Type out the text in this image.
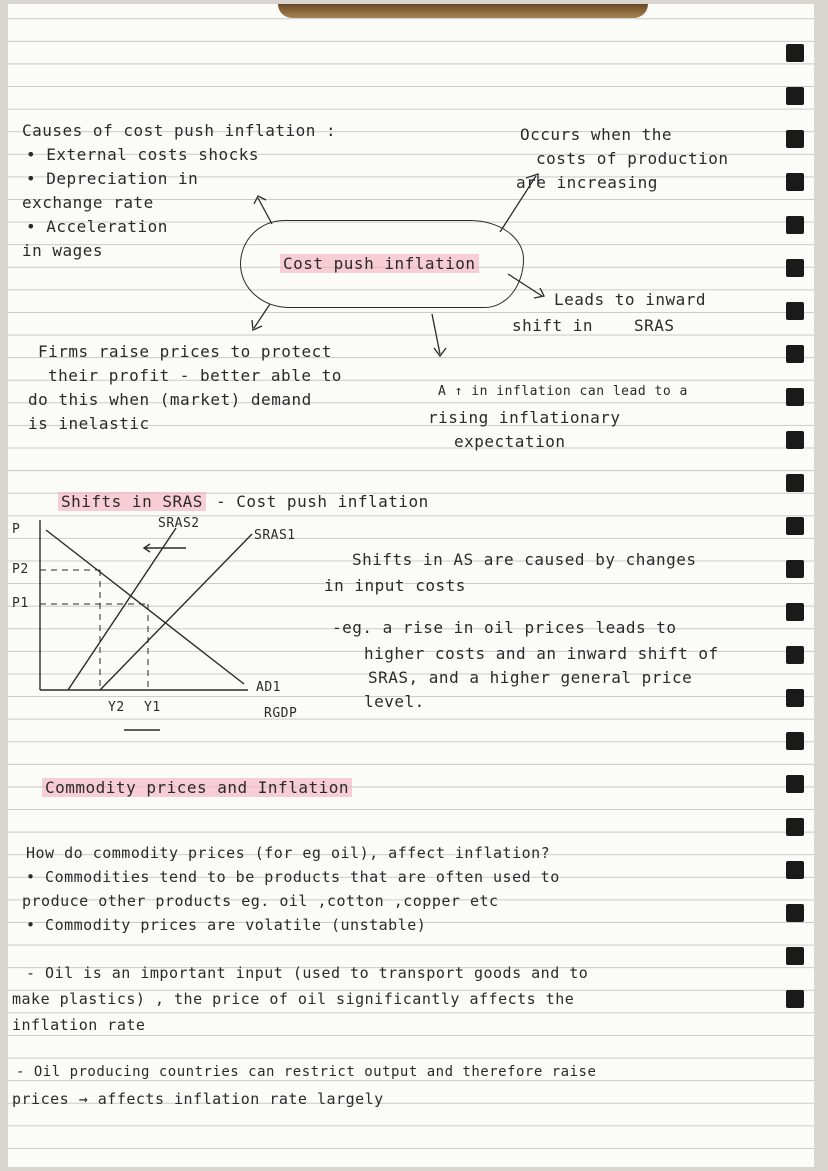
Causes of cost push inflation :
• External costs shocks
• Depreciation in
exchange rate
• Acceleration
in wages
Cost push inflation
Occurs when the
costs of production
are increasing
Leads to inward
shift in	SRAS
Firms raise prices to protect
their profit - better able to
do this when (market) demand
is inelastic
A ↑ in inflation can lead to a
rising inflationary
expectation
Shifts in SRAS - Cost push inflation
P
P2
P1
SRAS2
SRAS1
AD1
RGDP
Y2 Y1
Shifts in AS are caused by changes
in input costs
-eg. a rise in oil prices leads to
higher costs and an inward shift of
SRAS, and a higher general price
level.
Commodity prices and Inflation
How do commodity prices (for eg oil), affect inflation?
• Commodities tend to be products that are often used to
produce other products eg. oil ,cotton ,copper etc
• Commodity prices are volatile (unstable)
- Oil is an important input (used to transport goods and to
make plastics) , the price of oil significantly affects the
inflation rate
- Oil producing countries can restrict output and therefore raise
prices → affects inflation rate largely
